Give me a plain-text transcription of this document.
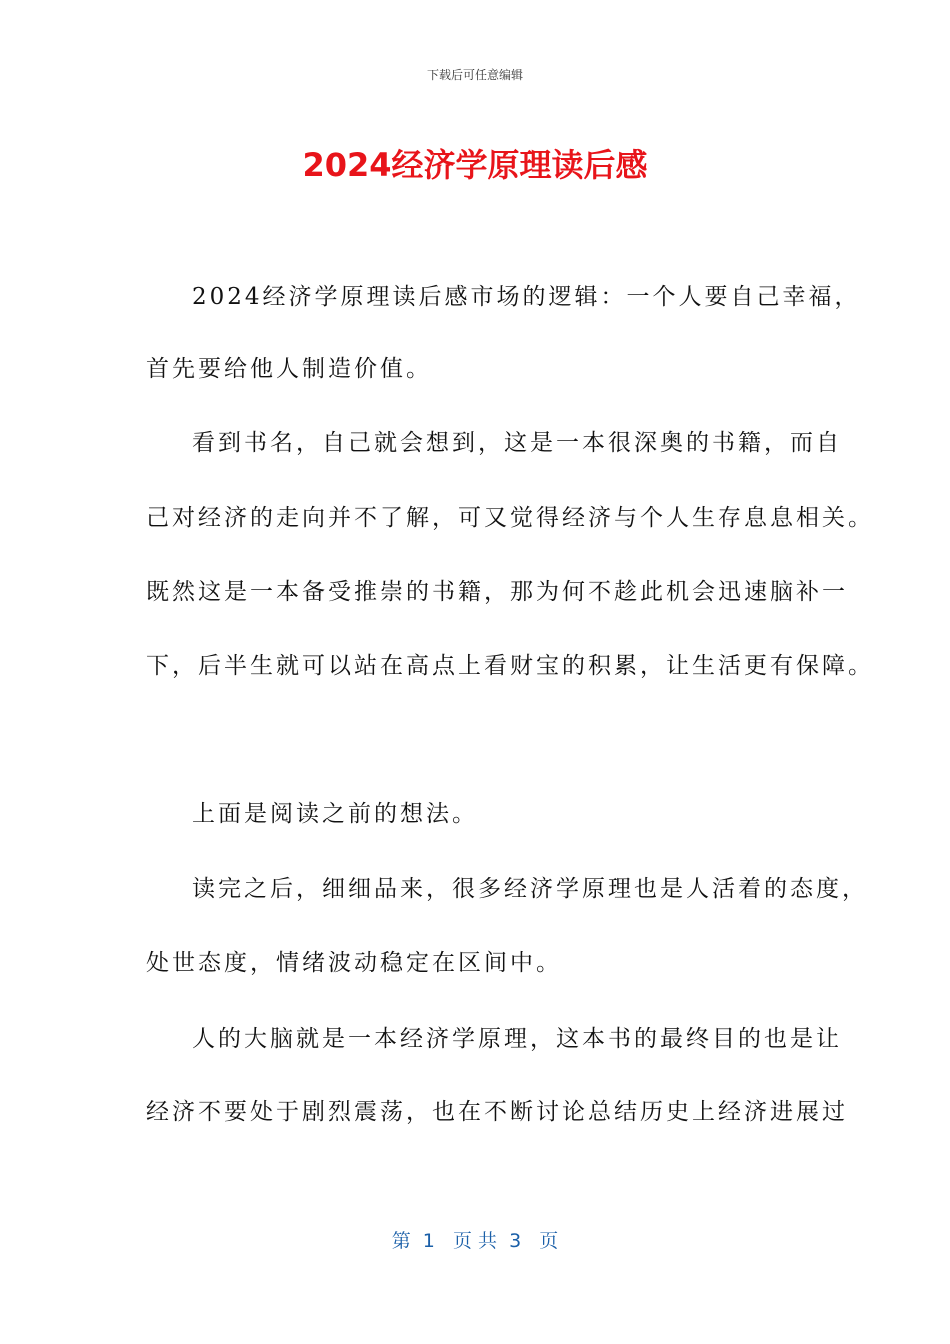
下载后可任意编辑
2024经济学原理读后感
2024经济学原理读后感市场的逻辑：一个人要自己幸福，
首先要给他人制造价值。
看到书名，自己就会想到，这是一本很深奥的书籍，而自
己对经济的走向并不了解，可又觉得经济与个人生存息息相关。
既然这是一本备受推崇的书籍，那为何不趁此机会迅速脑补一
下，后半生就可以站在高点上看财宝的积累，让生活更有保障。
上面是阅读之前的想法。
读完之后，细细品来，很多经济学原理也是人活着的态度，
处世态度，情绪波动稳定在区间中。
人的大脑就是一本经济学原理，这本书的最终目的也是让
经济不要处于剧烈震荡，也在不断讨论总结历史上经济进展过
第  1   页 共  3   页
